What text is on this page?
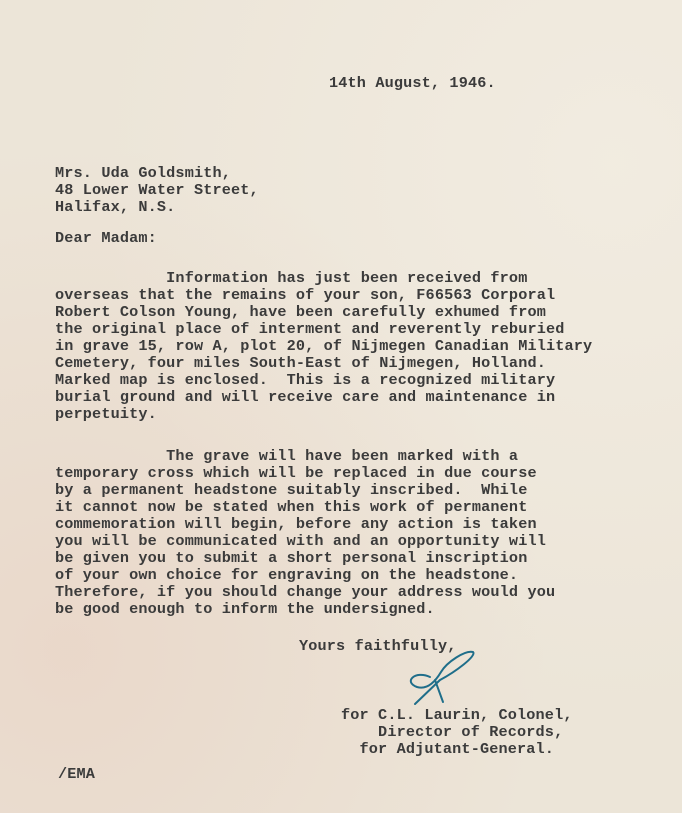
14th August, 1946.
Mrs. Uda Goldsmith,
48 Lower Water Street,
Halifax, N.S.
Dear Madam:
Information has just been received from
overseas that the remains of your son, F66563 Corporal
Robert Colson Young, have been carefully exhumed from
the original place of interment and reverently reburied
in grave 15, row A, plot 20, of Nijmegen Canadian Military
Cemetery, four miles South-East of Nijmegen, Holland.
Marked map is enclosed.  This is a recognized military
burial ground and will receive care and maintenance in
perpetuity.
The grave will have been marked with a
temporary cross which will be replaced in due course
by a permanent headstone suitably inscribed.  While
it cannot now be stated when this work of permanent
commemoration will begin, before any action is taken
you will be communicated with and an opportunity will
be given you to submit a short personal inscription
of your own choice for engraving on the headstone.
Therefore, if you should change your address would you
be good enough to inform the undersigned.
Yours faithfully,
for C.L. Laurin, Colonel,
Director of Records,
for Adjutant-General.
/EMA
